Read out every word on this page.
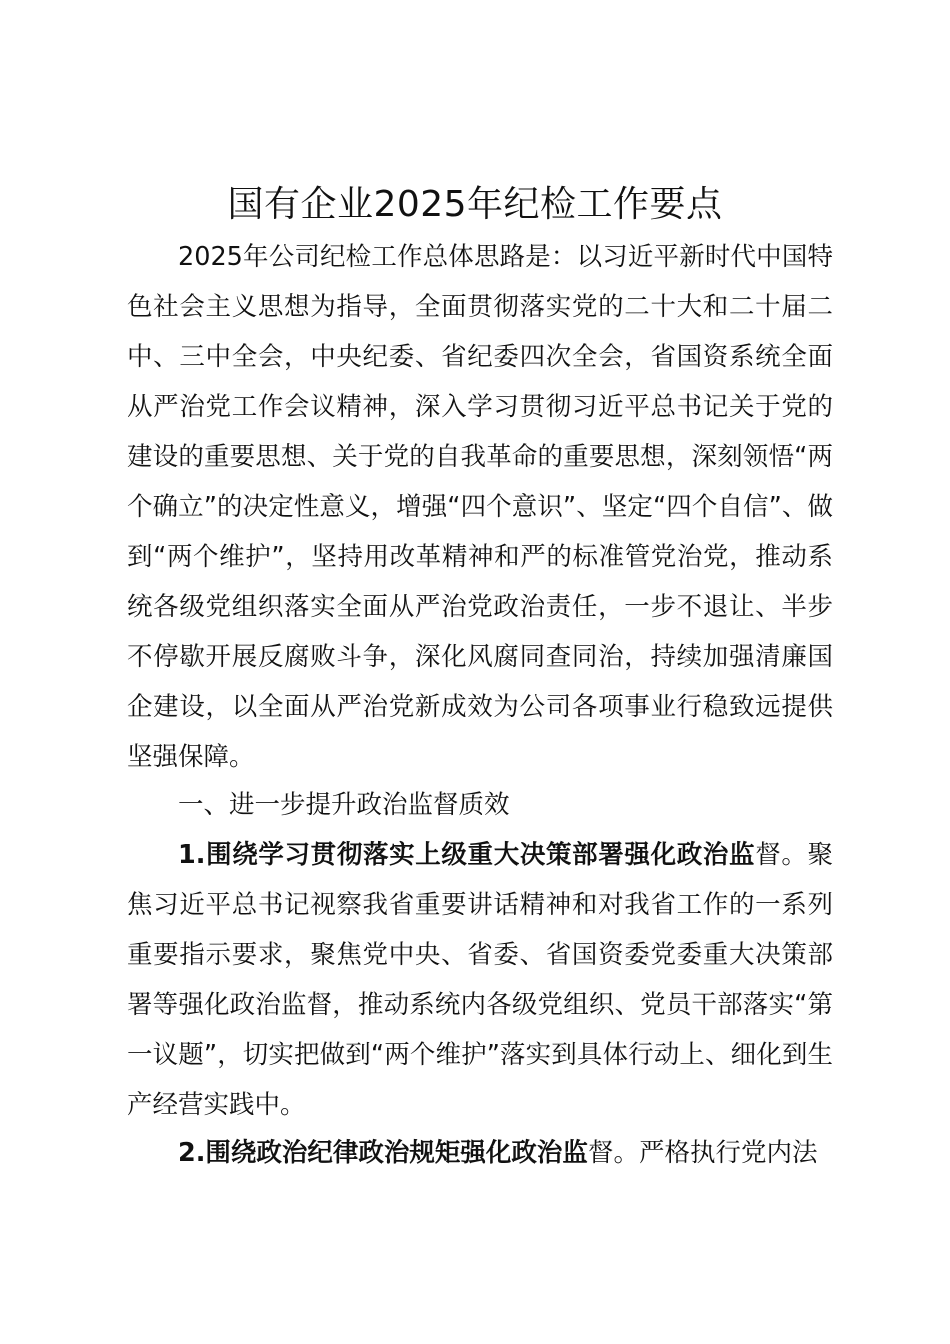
国有企业2025年纪检工作要点

2025年公司纪检工作总体思路是：以习近平新时代中国特色社会主义思想为指导，全面贯彻落实党的二十大和二十届二中、三中全会，中央纪委、省纪委四次全会，省国资系统全面从严治党工作会议精神，深入学习贯彻习近平总书记关于党的建设的重要思想、关于党的自我革命的重要思想，深刻领悟“两个确立”的决定性意义，增强“四个意识”、坚定“四个自信”、做到“两个维护”，坚持用改革精神和严的标准管党治党，推动系统各级党组织落实全面从严治党政治责任，一步不退让、半步不停歇开展反腐败斗争，深化风腐同查同治，持续加强清廉国企建设，以全面从严治党新成效为公司各项事业行稳致远提供坚强保障。

一、进一步提升政治监督质效

1.围绕学习贯彻落实上级重大决策部署强化政治监督。聚焦习近平总书记视察我省重要讲话精神和对我省工作的一系列重要指示要求，聚焦党中央、省委、省国资委党委重大决策部署等强化政治监督，推动系统内各级党组织、党员干部落实“第一议题”，切实把做到“两个维护”落实到具体行动上、细化到生产经营实践中。

2.围绕政治纪律政治规矩强化政治监督。严格执行党内法
